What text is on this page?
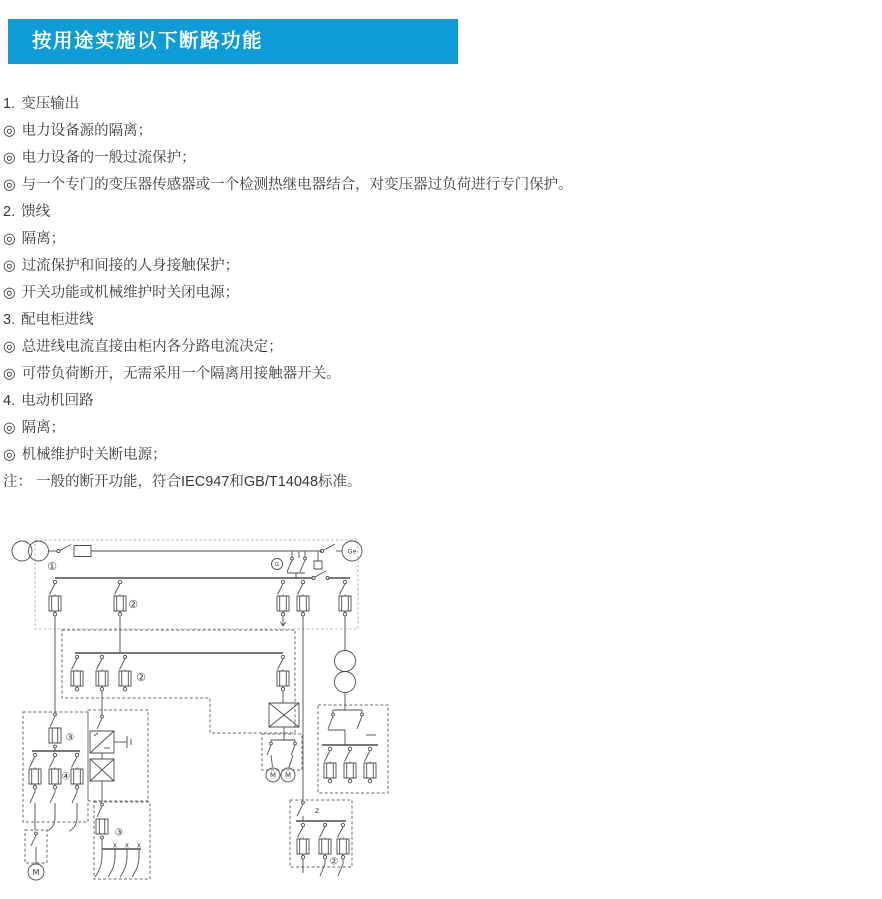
按用途实施以下断路功能
1. 变压输出
◎ 电力设备源的隔离；
◎ 电力设备的一般过流保护；
◎ 与一个专门的变压器传感器或一个检测热继电器结合，对变压器过负荷进行专门保护。
2. 馈线
◎ 隔离；
◎ 过流保护和间接的人身接触保护；
◎ 开关功能或机械维护时关闭电源；
3. 配电柜进线
◎ 总进线电流直接由柜内各分路电流决定；
◎ 可带负荷断开，无需采用一个隔离用接触器开关。
4. 电动机回路
◎ 隔离；
◎ 机械维护时关断电源；
注： 一般的断开功能，符合IEC947和GB/T14048标准。
①
②
②
③
④
③
②
Ge
G
M
M M
z
x x x
